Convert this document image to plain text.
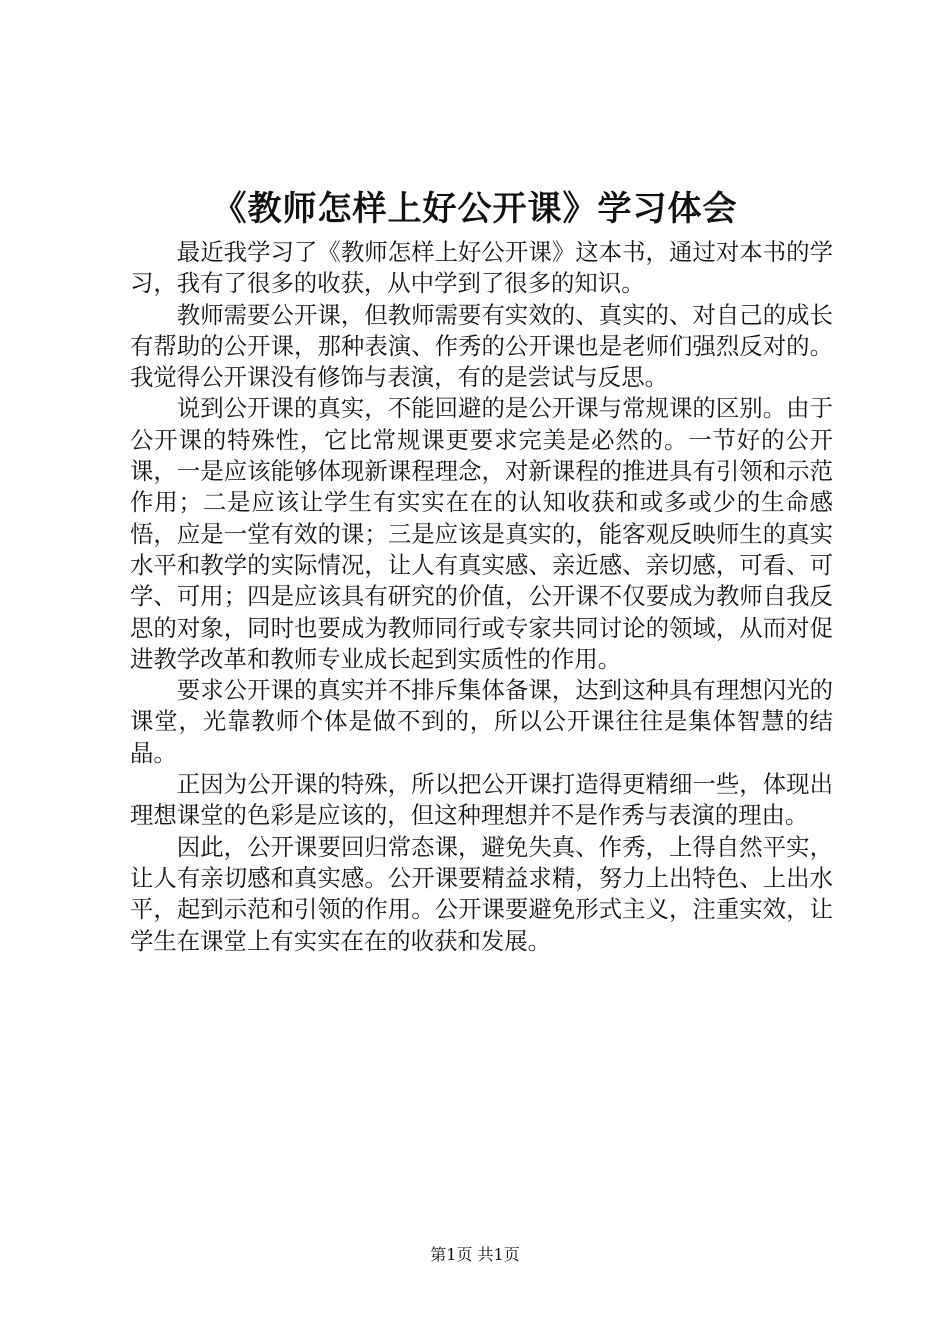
《教师怎样上好公开课》学习体会

最近我学习了《教师怎样上好公开课》这本书，通过对本书的学习，我有了很多的收获，从中学到了很多的知识。

教师需要公开课，但教师需要有实效的、真实的、对自己的成长有帮助的公开课，那种表演、作秀的公开课也是老师们强烈反对的。我觉得公开课没有修饰与表演，有的是尝试与反思。

说到公开课的真实，不能回避的是公开课与常规课的区别。由于公开课的特殊性，它比常规课更要求完美是必然的。一节好的公开课，一是应该能够体现新课程理念，对新课程的推进具有引领和示范作用；二是应该让学生有实实在在的认知收获和或多或少的生命感悟，应是一堂有效的课；三是应该是真实的，能客观反映师生的真实水平和教学的实际情况，让人有真实感、亲近感、亲切感，可看、可学、可用；四是应该具有研究的价值，公开课不仅要成为教师自我反思的对象，同时也要成为教师同行或专家共同讨论的领域，从而对促进教学改革和教师专业成长起到实质性的作用。

要求公开课的真实并不排斥集体备课，达到这种具有理想闪光的课堂，光靠教师个体是做不到的，所以公开课往往是集体智慧的结晶。

正因为公开课的特殊，所以把公开课打造得更精细一些，体现出理想课堂的色彩是应该的，但这种理想并不是作秀与表演的理由。

因此，公开课要回归常态课，避免失真、作秀，上得自然平实，让人有亲切感和真实感。公开课要精益求精，努力上出特色、上出水平，起到示范和引领的作用。公开课要避免形式主义，注重实效，让学生在课堂上有实实在在的收获和发展。

第1页 共1页
